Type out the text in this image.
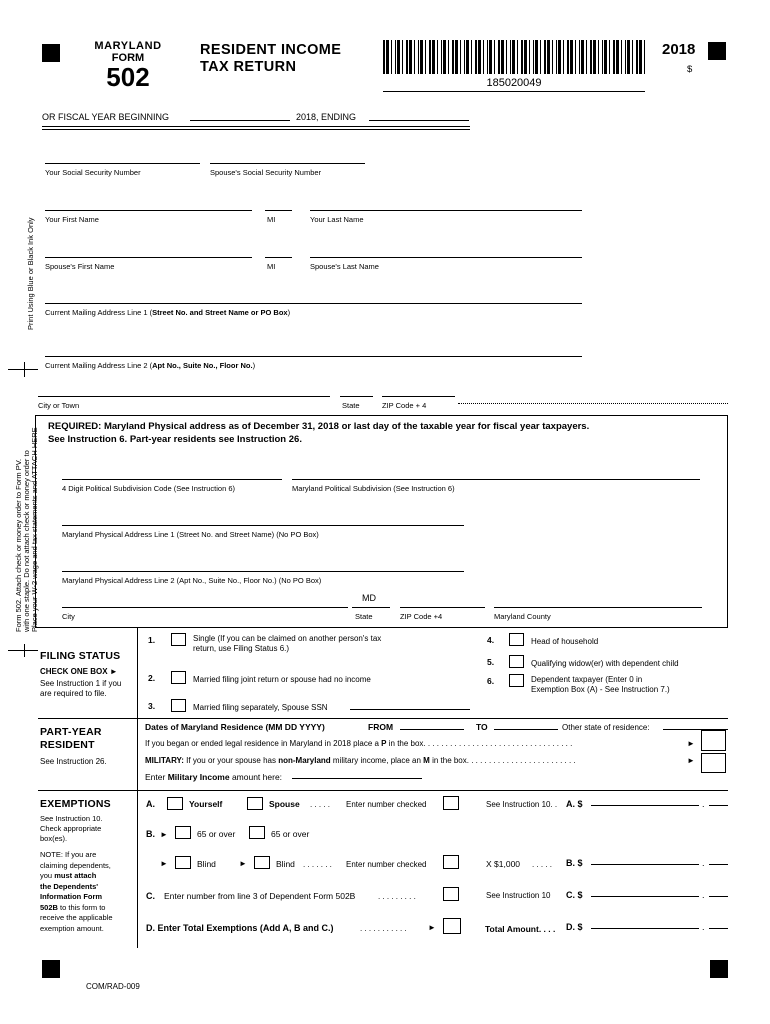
MARYLAND
FORM
502
RESIDENT INCOME
TAX RETURN
185020049
2018
$
OR FISCAL YEAR BEGINNING	2018, ENDING
Print Using Blue or Black Ink Only
Place your W-2 wage and tax statements and ATTACH HERE
with one staple. Do not attach check or money order to
Form 502. Attach check or money order to Form PV.
Your Social Security Number	Spouse's Social Security Number
Your First Name	MI	Your Last Name
Spouse's First Name	MI	Spouse's Last Name
Current Mailing Address Line 1 (Street No. and Street Name or PO Box)
Current Mailing Address Line 2 (Apt No., Suite No., Floor No.)
City or Town	State	ZIP Code + 4
REQUIRED: Maryland Physical address as of December 31, 2018 or last day of the taxable year for fiscal year taxpayers.
See Instruction 6. Part-year residents see Instruction 26.
4 Digit Political Subdivision Code (See Instruction 6)	Maryland Political Subdivision (See Instruction 6)
Maryland Physical Address Line 1 (Street No. and Street Name) (No PO Box)
Maryland Physical Address Line 2 (Apt No., Suite No., Floor No.) (No PO Box)
MD
City	State	ZIP Code +4	Maryland County
FILING STATUS
CHECK ONE BOX ►
See Instruction 1 if you are required to file.
1.	Single (If you can be claimed on another person's tax
return, use Filing Status 6.)
4.	Head of household
5.	Qualifying widow(er) with dependent child
2.	Married filing joint return or spouse had no income	6.	Dependent taxpayer (Enter 0 in
Exemption Box (A) - See Instruction 7.)
3.	Married filing separately, Spouse SSN
PART-YEAR
RESIDENT
See Instruction 26.
Dates of Maryland Residence (MM DD YYYY)	FROM	TO	Other state of residence:
If you began or ended legal residence in Maryland in 2018 place a P in the box. . . . . . . . . . . . . . . . . . . . . . . . . . . . . . . . . .	►
MILITARY: If you or your spouse has non-Maryland military income, place an M in the box. . . . . . . . . . . . . . . . . . . . . . . . .	►
Enter Military Income amount here:
EXEMPTIONS
See Instruction 10.
Check appropriate
box(es).
NOTE: If you are
claiming dependents,
you must attach
the Dependents'
Information Form
502B to this form to
receive the applicable
exemption amount.
A.	Yourself	Spouse . . . . . Enter number checked	See Instruction 10. . A. $	.
B. ►	65 or over	65 or over
►	Blind	►	Blind . . . . . . . Enter number checked	X $1,000 . . . . . B. $	.
C. Enter number from line 3 of Dependent Form 502B	. . . . . . . . .	See Instruction 10 C. $	.
D. Enter Total Exemptions (Add A, B and C.)	. . . . . . . . . . .	►	Total Amount. . . . D. $	.
COM/RAD-009
